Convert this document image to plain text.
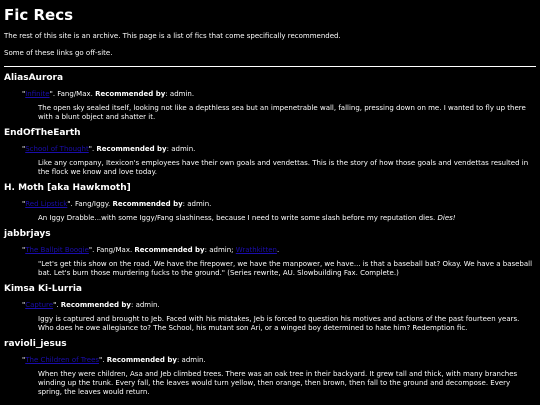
Fic Recs

The rest of this site is an archive. This page is a list of fics that come specifically recommended.

Some of these links go off-site.

AliasAurora
"Infinite". Fang/Max. Recommended by: admin.
The open sky sealed itself, looking not like a depthless sea but an impenetrable wall, falling, pressing down on me. I wanted to fly up there with a blunt object and shatter it.
EndOfTheEarth
"School of Thought". Recommended by: admin.
Like any company, Itexicon's employees have their own goals and vendettas. This is the story of how those goals and vendettas resulted in the flock we know and love today.
H. Moth [aka Hawkmoth]
"Red Lipstick". Fang/Iggy. Recommended by: admin.
An Iggy Drabble...with some Iggy/Fang slashiness, because I need to write some slash before my reputation dies. Dies!
jabbrjays
"The Ballpit Boogie". Fang/Max. Recommended by: admin; Wrathkitten.
"Let's get this show on the road. We have the firepower, we have the manpower, we have... is that a baseball bat? Okay. We have a baseball bat. Let's burn those murdering fucks to the ground." (Series rewrite, AU. Slowbuilding Fax. Complete.)
Kimsa Ki-Lurria
"Capture". Recommended by: admin.
Iggy is captured and brought to Jeb. Faced with his mistakes, Jeb is forced to question his motives and actions of the past fourteen years. Who does he owe allegiance to? The School, his mutant son Ari, or a winged boy determined to hate him? Redemption fic.
ravioli_jesus
"The Children of Trees". Recommended by: admin.
When they were children, Asa and Jeb climbed trees. There was an oak tree in their backyard. It grew tall and thick, with many branches winding up the trunk. Every fall, the leaves would turn yellow, then orange, then brown, then fall to the ground and decompose. Every spring, the leaves would return.
